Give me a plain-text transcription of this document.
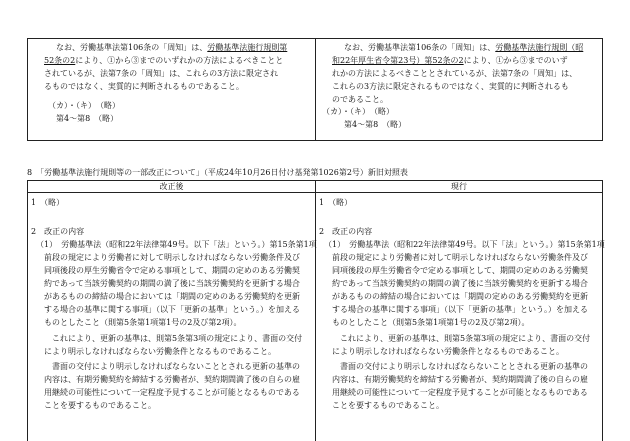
なお、労働基準法第106条の「周知」は、労働基準法施行規則第
52条の2により、①から③までのいずれかの方法によるべきことと
されているが、法第7条の「周知」は、これらの3方法に限定され
るものではなく、実質的に判断されるものであること。
（カ）・（キ）　（略）
第4～第8　（略）
なお、労働基準法第106条の「周知」は、労働基準法施行規則（昭
和22年厚生省令第23号）第52条の2により、①から③までのいず
れかの方法によるべきこととされているが、法第7条の「周知」は、
これらの3方法に限定されるものではなく、実質的に判断されるも
のであること。
（カ）・（キ）　（略）
第4～第8　（略）
8　「労働基準法施行規則等の一部改正について」（平成24年10月26日付け基発第1026第2号）新旧対照表
改正後	現行
1　（略）
2　改正の内容
（1）　労働基準法（昭和22年法律第49号。以下「法」という。）第15条第1項
前段の規定により労働者に対して明示しなければならない労働条件及び
同項後段の厚生労働省令で定める事項として、期間の定めのある労働契
約であって当該労働契約の期間の満了後に当該労働契約を更新する場合
があるものの締結の場合においては「期間の定めのある労働契約を更新
する場合の基準に関する事項」（以下「更新の基準」という。）を加える
ものとしたこと（則第5条第1項第1号の2及び第2項）。
　これにより、更新の基準は、則第5条第3項の規定により、書面の交付
により明示しなければならない労働条件となるものであること。
　書面の交付により明示しなければならないこととされる更新の基準の
内容は、有期労働契約を締結する労働者が、契約期間満了後の自らの雇
用継続の可能性について一定程度予見することが可能となるものである
ことを要するものであること。
1　（略）
2　改正の内容
（1）　労働基準法（昭和22年法律第49号。以下「法」という。）第15条第1項
前段の規定により労働者に対して明示しなければならない労働条件及び
同項後段の厚生労働省令で定める事項として、期間の定めのある労働契
約であって当該労働契約の期間の満了後に当該労働契約を更新する場合
があるものの締結の場合においては「期間の定めのある労働契約を更新
する場合の基準に関する事項」（以下「更新の基準」という。）を加える
ものとしたこと（則第5条第1項第1号の2及び第2項）。
　これにより、更新の基準は、則第5条第3項の規定により、書面の交付
により明示しなければならない労働条件となるものであること。
　書面の交付により明示しなければならないこととされる更新の基準の
内容は、有期労働契約を締結する労働者が、契約期間満了後の自らの雇
用継続の可能性について一定程度予見することが可能となるものである
ことを要するものであること。
